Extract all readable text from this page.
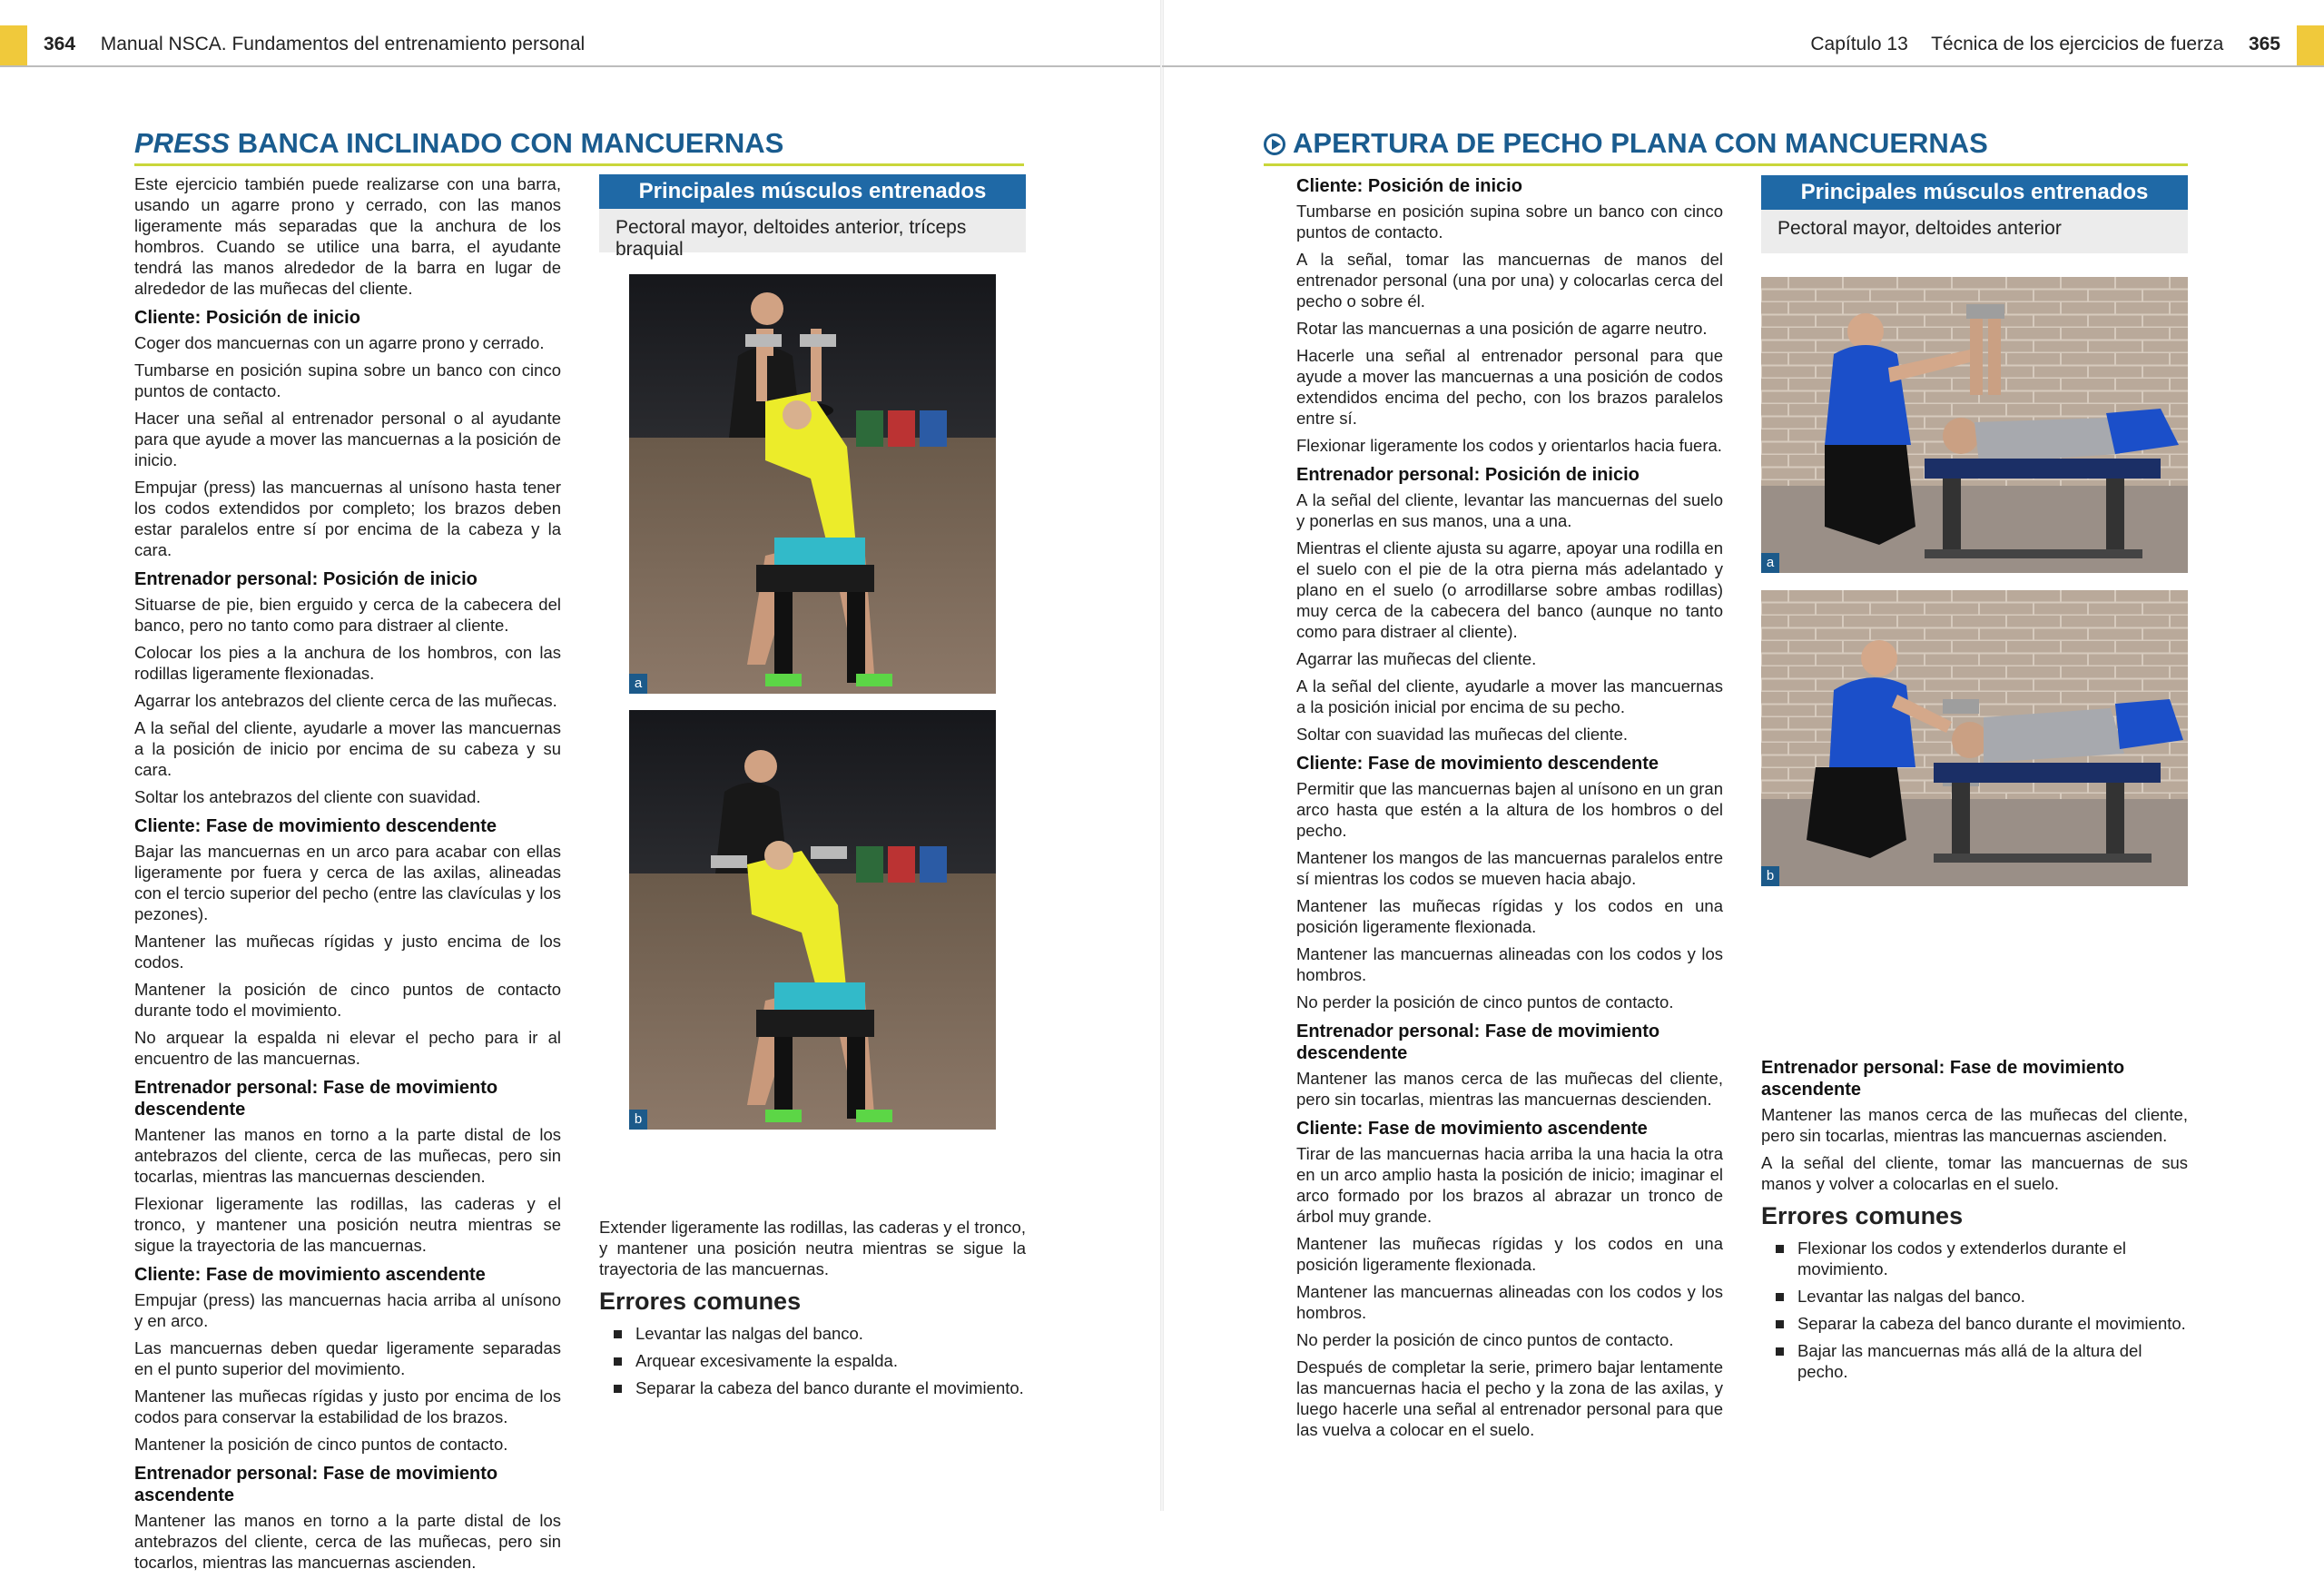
364 Manual NSCA. Fundamentos del entrenamiento personal
PRESS BANCA INCLINADO CON MANCUERNAS

Este ejercicio también puede realizarse con una barra, usando un agarre prono y cerrado, con las manos ligeramente más separadas que la anchura de los hombros. Cuando se utilice una barra, el ayudante tendrá las manos alrededor de la barra en lugar de alrededor de las muñecas del cliente.

Cliente: Posición de inicio

Coger dos mancuernas con un agarre prono y cerrado.

Tumbarse en posición supina sobre un banco con cinco puntos de contacto.

Hacer una señal al entrenador personal o al ayudante para que ayude a mover las mancuernas a la posición de inicio.

Empujar (press) las mancuernas al unísono hasta tener los codos extendidos por completo; los brazos deben estar paralelos entre sí por encima de la cabeza y la cara.

Entrenador personal: Posición de inicio

Situarse de pie, bien erguido y cerca de la cabecera del banco, pero no tanto como para distraer al cliente.

Colocar los pies a la anchura de los hombros, con las rodillas ligeramente flexionadas.

Agarrar los antebrazos del cliente cerca de las muñecas.

A la señal del cliente, ayudarle a mover las mancuernas a la posición de inicio por encima de su cabeza y su cara.

Soltar los antebrazos del cliente con suavidad.

Cliente: Fase de movimiento descendente

Bajar las mancuernas en un arco para acabar con ellas ligeramente por fuera y cerca de las axilas, alineadas con el tercio superior del pecho (entre las clavículas y los pezones).

Mantener las muñecas rígidas y justo encima de los codos.

Mantener la posición de cinco puntos de contacto durante todo el movimiento.

No arquear la espalda ni elevar el pecho para ir al encuentro de las mancuernas.

Entrenador personal: Fase de movimiento descendente

Mantener las manos en torno a la parte distal de los antebrazos del cliente, cerca de las muñecas, pero sin tocarlas, mientras las mancuernas descienden.

Flexionar ligeramente las rodillas, las caderas y el tronco, y mantener una posición neutra mientras se sigue la trayectoria de las mancuernas.

Cliente: Fase de movimiento ascendente

Empujar (press) las mancuernas hacia arriba al unísono y en arco.

Las mancuernas deben quedar ligeramente separadas en el punto superior del movimiento.

Mantener las muñecas rígidas y justo por encima de los codos para conservar la estabilidad de los brazos.

Mantener la posición de cinco puntos de contacto.

Entrenador personal: Fase de movimiento ascendente

Mantener las manos en torno a la parte distal de los antebrazos del cliente, cerca de las muñecas, pero sin tocarlos, mientras las mancuernas ascienden.

Principales músculos entrenados
Pectoral mayor, deltoides anterior, tríceps braquial
a
b

Extender ligeramente las rodillas, las caderas y el tronco, y mantener una posición neutra mientras se sigue la trayectoria de las mancuernas.

Errores comunes
Levantar las nalgas del banco.
Arquear excesivamente la espalda.
Separar la cabeza del banco durante el movimiento.
Capítulo 13 Técnica de los ejercicios de fuerza 365
APERTURA DE PECHO PLANA CON MANCUERNAS
Cliente: Posición de inicio

Tumbarse en posición supina sobre un banco con cinco puntos de contacto.

A la señal, tomar las mancuernas de manos del entrenador personal (una por una) y colocarlas cerca del pecho o sobre él.

Rotar las mancuernas a una posición de agarre neutro.

Hacerle una señal al entrenador personal para que ayude a mover las mancuernas a una posición de codos extendidos encima del pecho, con los brazos paralelos entre sí.

Flexionar ligeramente los codos y orientarlos hacia fuera.

Entrenador personal: Posición de inicio

A la señal del cliente, levantar las mancuernas del suelo y ponerlas en sus manos, una a una.

Mientras el cliente ajusta su agarre, apoyar una rodilla en el suelo con el pie de la otra pierna más adelantado y plano en el suelo (o arrodillarse sobre ambas rodillas) muy cerca de la cabecera del banco (aunque no tanto como para distraer al cliente).

Agarrar las muñecas del cliente.

A la señal del cliente, ayudarle a mover las mancuernas a la posición inicial por encima de su pecho.

Soltar con suavidad las muñecas del cliente.

Cliente: Fase de movimiento descendente

Permitir que las mancuernas bajen al unísono en un gran arco hasta que estén a la altura de los hombros o del pecho.

Mantener los mangos de las mancuernas paralelos entre sí mientras los codos se mueven hacia abajo.

Mantener las muñecas rígidas y los codos en una posición ligeramente flexionada.

Mantener las mancuernas alineadas con los codos y los hombros.

No perder la posición de cinco puntos de contacto.

Entrenador personal: Fase de movimiento descendente

Mantener las manos cerca de las muñecas del cliente, pero sin tocarlas, mientras las mancuernas descienden.

Cliente: Fase de movimiento ascendente

Tirar de las mancuernas hacia arriba la una hacia la otra en un arco amplio hasta la posición de inicio; imaginar el arco formado por los brazos al abrazar un tronco de árbol muy grande.

Mantener las muñecas rígidas y los codos en una posición ligeramente flexionada.

Mantener las mancuernas alineadas con los codos y los hombros.

No perder la posición de cinco puntos de contacto.

Después de completar la serie, primero bajar lentamente las mancuernas hacia el pecho y la zona de las axilas, y luego hacerle una señal al entrenador personal para que las vuelva a colocar en el suelo.

Principales músculos entrenados
Pectoral mayor, deltoides anterior
a
b
Entrenador personal: Fase de movimiento ascendente

Mantener las manos cerca de las muñecas del cliente, pero sin tocarlas, mientras las mancuernas ascienden.

A la señal del cliente, tomar las mancuernas de sus manos y volver a colocarlas en el suelo.

Errores comunes
Flexionar los codos y extenderlos durante el movimiento.
Levantar las nalgas del banco.
Separar la cabeza del banco durante el movimiento.
Bajar las mancuernas más allá de la altura del pecho.
